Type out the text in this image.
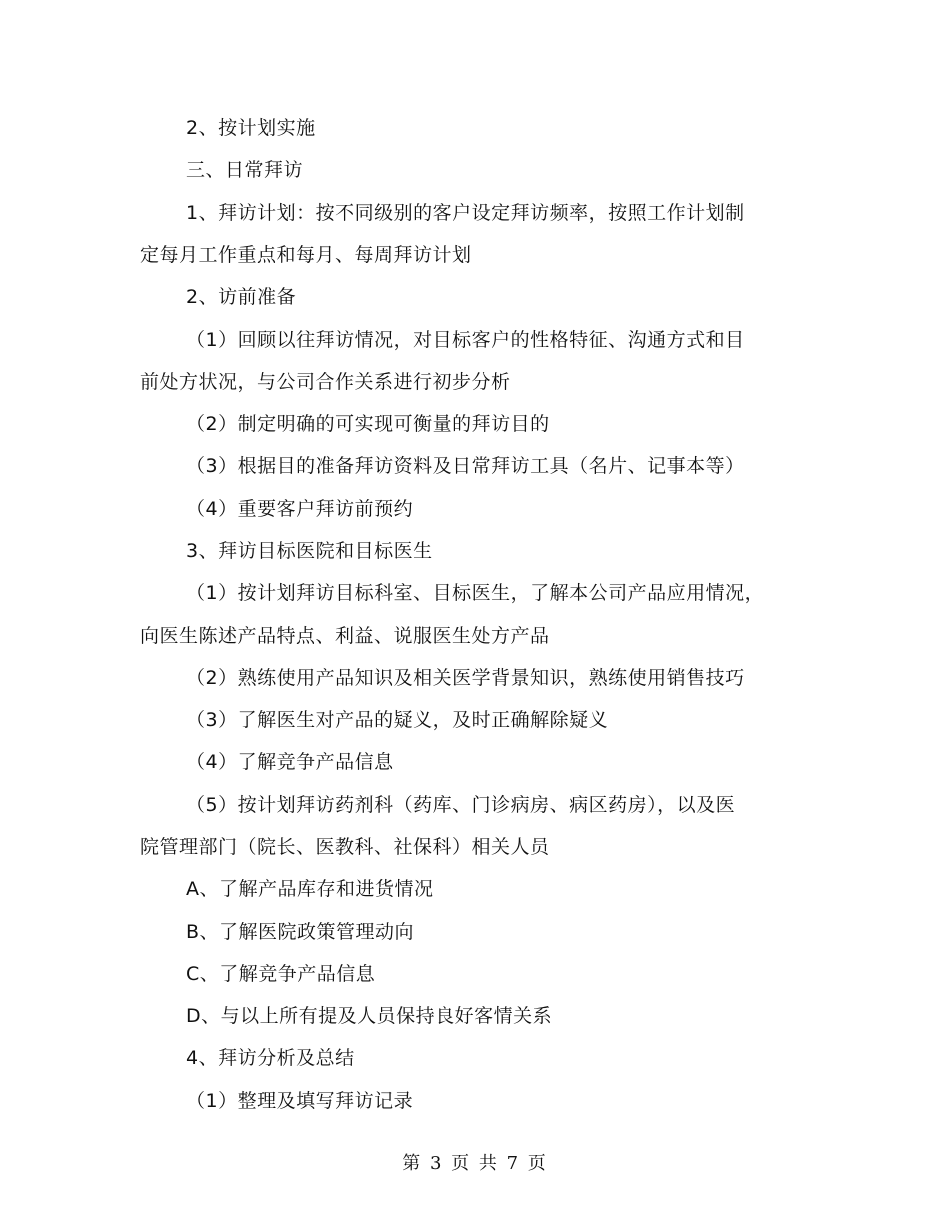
2、按计划实施
三、日常拜访
1、拜访计划：按不同级别的客户设定拜访频率，按照工作计划制
定每月工作重点和每月、每周拜访计划
2、访前准备
（1）回顾以往拜访情况，对目标客户的性格特征、沟通方式和目
前处方状况，与公司合作关系进行初步分析
（2）制定明确的可实现可衡量的拜访目的
（3）根据目的准备拜访资料及日常拜访工具（名片、记事本等）
（4）重要客户拜访前预约
3、拜访目标医院和目标医生
（1）按计划拜访目标科室、目标医生，了解本公司产品应用情况，
向医生陈述产品特点、利益、说服医生处方产品
（2）熟练使用产品知识及相关医学背景知识，熟练使用销售技巧
（3）了解医生对产品的疑义，及时正确解除疑义
（4）了解竞争产品信息
（5）按计划拜访药剂科（药库、门诊病房、病区药房），以及医
院管理部门（院长、医教科、社保科）相关人员
A、了解产品库存和进货情况
B、了解医院政策管理动向
C、了解竞争产品信息
D、与以上所有提及人员保持良好客情关系
4、拜访分析及总结
（1）整理及填写拜访记录
第 3 页 共 7 页
